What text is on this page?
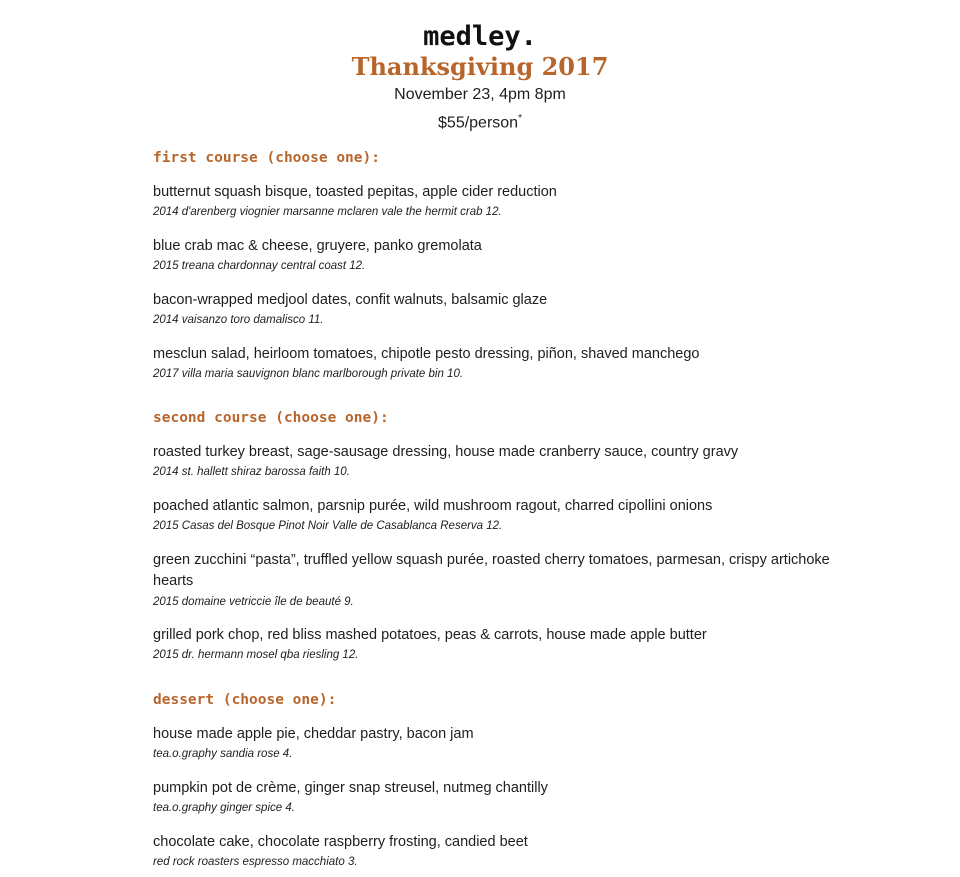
medley.
Thanksgiving 2017
November 23, 4pm 8pm
$55/person*
first course (choose one):
butternut squash bisque, toasted pepitas, apple cider reduction
2014 d'arenberg viognier marsanne mclaren vale the hermit crab 12.
blue crab mac & cheese, gruyere, panko gremolata
2015 treana chardonnay central coast 12.
bacon-wrapped medjool dates, confit walnuts, balsamic glaze
2014 vaisanzo toro damalisco 11.
mesclun salad, heirloom tomatoes, chipotle pesto dressing, piñon, shaved manchego
2017 villa maria sauvignon blanc marlborough private bin 10.
second course (choose one):
roasted turkey breast, sage-sausage dressing, house made cranberry sauce, country gravy
2014 st. hallett shiraz barossa faith 10.
poached atlantic salmon, parsnip purée, wild mushroom ragout, charred cipollini onions
2015 Casas del Bosque Pinot Noir Valle de Casablanca Reserva 12.
green zucchini “pasta”, truffled yellow squash purée, roasted cherry tomatoes, parmesan, crispy artichoke hearts
2015 domaine vetriccie île de beauté 9.
grilled pork chop, red bliss mashed potatoes, peas & carrots, house made apple butter
2015 dr. hermann mosel qba riesling 12.
dessert (choose one):
house made apple pie, cheddar pastry, bacon jam
tea.o.graphy sandia rose 4.
pumpkin pot de crème, ginger snap streusel, nutmeg chantilly
tea.o.graphy ginger spice 4.
chocolate cake, chocolate raspberry frosting, candied beet
red rock roasters espresso macchiato 3.
